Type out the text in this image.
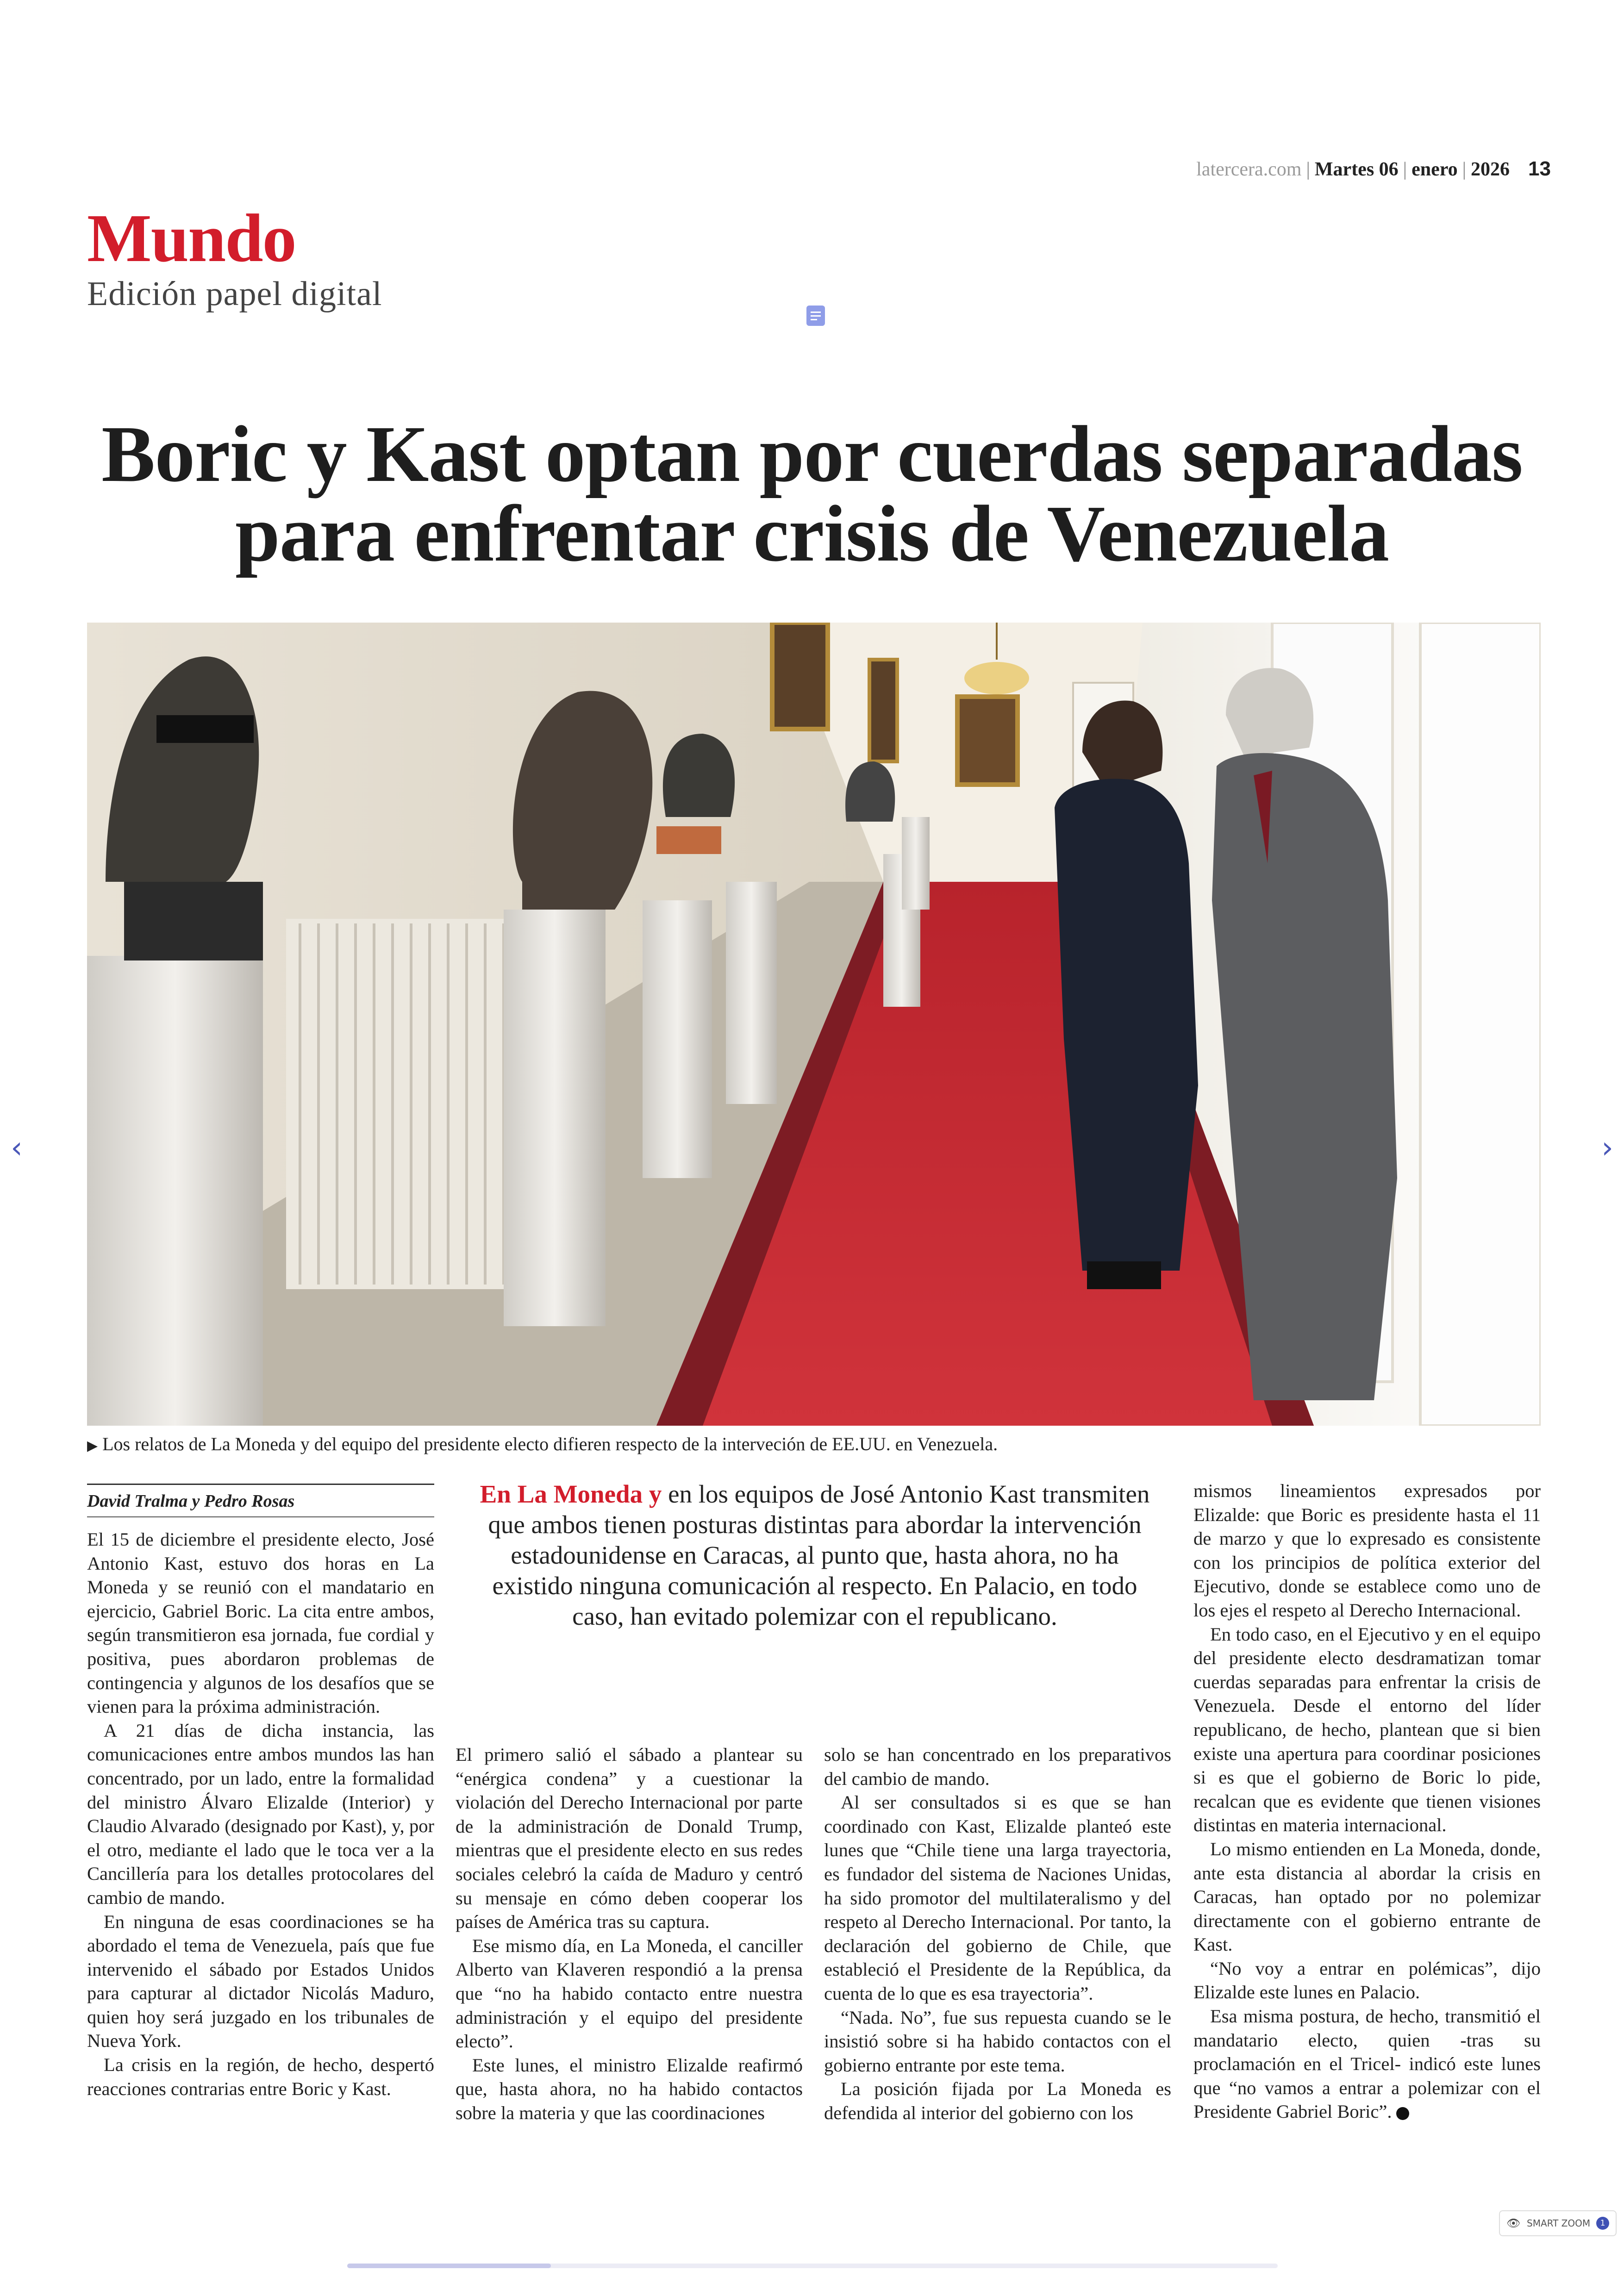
latercera.com | Martes 06 | enero | 2026 13
Mundo
Edición papel digital
Boric y Kast optan por cuerdas separadas
para enfrentar crisis de Venezuela
▶ Los relatos de La Moneda y del equipo del presidente electo difieren respecto de la interveción de EE.UU. en Venezuela.
David Tralma y Pedro Rosas	En La Moneda y en los equipos de José Antonio Kast transmiten que ambos tienen posturas distintas para abordar la intervención estadounidense en Caracas, al punto que, hasta ahora, no ha existido ninguna comunicación al respecto. En Palacio, en todo caso, han evitado polemizar con el republicano.

El 15 de diciembre el presidente electo, José Antonio Kast, estuvo dos horas en La Moneda y se reunió con el mandatario en ejercicio, Gabriel Boric. La cita entre ambos, según transmitieron esa jornada, fue cordial y positiva, pues abordaron problemas de contingencia y algunos de los desafíos que se vienen para la próxima administración.

A 21 días de dicha instancia, las comunicaciones entre ambos mundos las han concentrado, por un lado, entre la formalidad del ministro Álvaro Elizalde (Interior) y Claudio Alvarado (designado por Kast), y, por el otro, mediante el lado que le toca ver a la Cancillería para los detalles protocolares del cambio de mando.

En ninguna de esas coordinaciones se ha abordado el tema de Venezuela, país que fue intervenido el sábado por Estados Unidos para capturar al dictador Nicolás Maduro, quien hoy será juzgado en los tribunales de Nueva York.

La crisis en la región, de hecho, despertó reacciones contrarias entre Boric y Kast.

El primero salió el sábado a plantear su “enérgica condena” y a cuestionar la violación del Derecho Internacional por parte de la administración de Donald Trump, mientras que el presidente electo en sus redes sociales celebró la caída de Maduro y centró su mensaje en cómo deben cooperar los países de América tras su captura.

Ese mismo día, en La Moneda, el canciller Alberto van Klaveren respondió a la prensa que “no ha habido contacto entre nuestra administración y el equipo del presidente electo”.

Este lunes, el ministro Elizalde reafirmó que, hasta ahora, no ha habido contactos sobre la materia y que las coordinaciones

solo se han concentrado en los preparativos del cambio de mando.

Al ser consultados si es que se han coordinado con Kast, Elizalde planteó este lunes que “Chile tiene una larga trayectoria, es fundador del sistema de Naciones Unidas, ha sido promotor del multilateralismo y del respeto al Derecho Internacional. Por tanto, la declaración del gobierno de Chile, que estableció el Presidente de la República, da cuenta de lo que es esa trayectoria”.

“Nada. No”, fue sus repuesta cuando se le insistió sobre si ha habido contactos con el gobierno entrante por este tema.

La posición fijada por La Moneda es defendida al interior del gobierno con los

mismos lineamientos expresados por Elizalde: que Boric es presidente hasta el 11 de marzo y que lo expresado es consistente con los principios de política exterior del Ejecutivo, donde se establece como uno de los ejes el respeto al Derecho Internacional.

En todo caso, en el Ejecutivo y en el equipo del presidente electo desdramatizan tomar cuerdas separadas para enfrentar la crisis de Venezuela. Desde el entorno del líder republicano, de hecho, plantean que si bien existe una apertura para coordinar posiciones si es que el gobierno de Boric lo pide, recalcan que es evidente que tienen visiones distintas en materia internacional.

Lo mismo entienden en La Moneda, donde, ante esta distancia al abordar la crisis en Caracas, han optado por no polemizar directamente con el gobierno entrante de Kast.

“No voy a entrar en polémicas”, dijo Elizalde este lunes en Palacio.

Esa misma postura, de hecho, transmitió el mandatario electo, quien -tras su proclamación en el Tricel- indicó este lunes que “no vamos a entrar a polemizar con el Presidente Gabriel Boric”.

‹	›
👁 SMART ZOOM	1
